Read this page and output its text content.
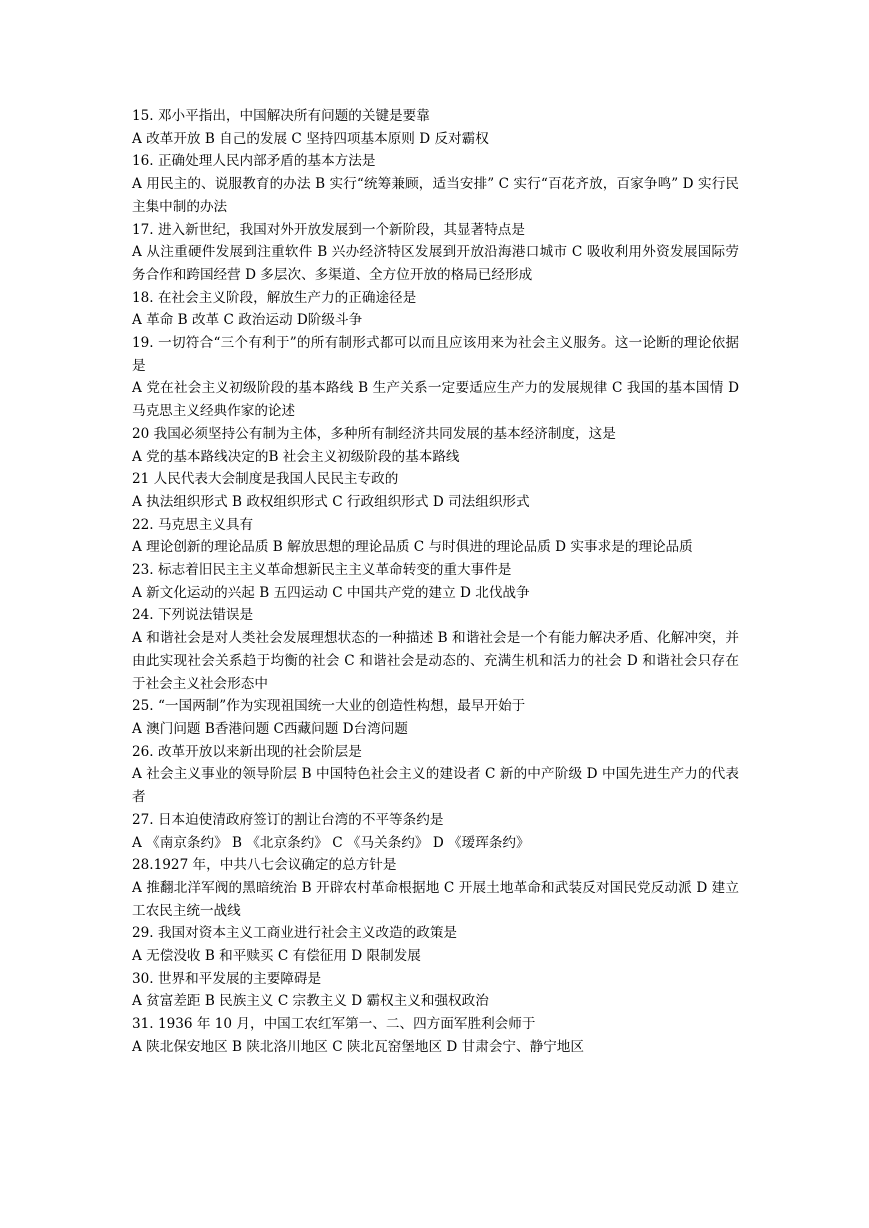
15. 邓小平指出，中国解决所有问题的关键是要靠

A 改革开放 B 自己的发展 C 坚持四项基本原则 D 反对霸权

16. 正确处理人民内部矛盾的基本方法是

A 用民主的、说服教育的办法 B 实行“统筹兼顾，适当安排” C 实行“百花齐放，百家争鸣” D 实行民主集中制的办法

17. 进入新世纪，我国对外开放发展到一个新阶段，其显著特点是

A 从注重硬件发展到注重软件 B 兴办经济特区发展到开放沿海港口城市 C 吸收利用外资发展国际劳务合作和跨国经营 D 多层次、多渠道、全方位开放的格局已经形成

18. 在社会主义阶段，解放生产力的正确途径是

A 革命 B 改革 C 政治运动 D阶级斗争

19. 一切符合“三个有利于”的所有制形式都可以而且应该用来为社会主义服务。这一论断的理论依据是

A 党在社会主义初级阶段的基本路线 B 生产关系一定要适应生产力的发展规律 C 我国的基本国情 D 马克思主义经典作家的论述

20 我国必须坚持公有制为主体，多种所有制经济共同发展的基本经济制度，这是

A 党的基本路线决定的B 社会主义初级阶段的基本路线

21 人民代表大会制度是我国人民民主专政的

A 执法组织形式 B 政权组织形式 C 行政组织形式 D 司法组织形式

22. 马克思主义具有

A 理论创新的理论品质 B 解放思想的理论品质 C 与时俱进的理论品质 D 实事求是的理论品质

23. 标志着旧民主主义革命想新民主主义革命转变的重大事件是

A 新文化运动的兴起 B 五四运动 C 中国共产党的建立 D 北伐战争

24. 下列说法错误是

A 和谐社会是对人类社会发展理想状态的一种描述 B 和谐社会是一个有能力解决矛盾、化解冲突，并由此实现社会关系趋于均衡的社会 C 和谐社会是动态的、充满生机和活力的社会 D 和谐社会只存在于社会主义社会形态中

25. “一国两制”作为实现祖国统一大业的创造性构想，最早开始于

A 澳门问题 B香港问题 C西藏问题 D台湾问题

26. 改革开放以来新出现的社会阶层是

A 社会主义事业的领导阶层 B 中国特色社会主义的建设者 C 新的中产阶级 D 中国先进生产力的代表者

27. 日本迫使清政府签订的割让台湾的不平等条约是

A 《南京条约》 B 《北京条约》 C 《马关条约》 D 《瑷珲条约》

28.1927 年，中共八七会议确定的总方针是

A 推翻北洋军阀的黑暗统治 B 开辟农村革命根据地 C 开展土地革命和武装反对国民党反动派 D 建立工农民主统一战线

29. 我国对资本主义工商业进行社会主义改造的政策是

A 无偿没收 B 和平赎买 C 有偿征用 D 限制发展

30. 世界和平发展的主要障碍是

A 贫富差距 B 民族主义 C 宗教主义 D 霸权主义和强权政治

31. 1936 年 10 月，中国工农红军第一、二、四方面军胜利会师于

A 陕北保安地区 B 陕北洛川地区 C 陕北瓦窑堡地区 D 甘肃会宁、静宁地区
